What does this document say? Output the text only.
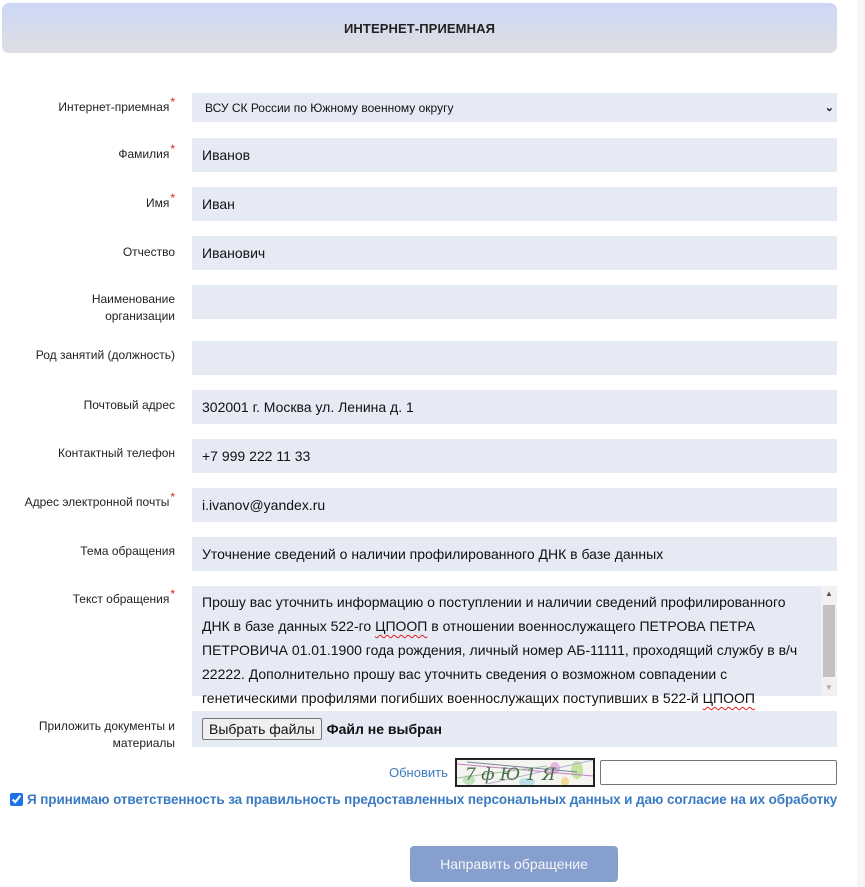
ИНТЕРНЕТ-ПРИЕМНАЯ
Интернет-приемная*	ВСУ СК России по Южному военному округу	⌄
Фамилия*
Иванов
Имя*
Иван
Отчество
Иванович
Наименование
организации
Род занятий (должность)
Почтовый адрес
302001 г. Москва ул. Ленина д. 1
Контактный телефон
+7 999 222 11 33
Адрес электронной почты*
i.ivanov@yandex.ru
Тема обращения
Уточнение сведений о наличии профилированного ДНК в базе данных
Текст обращения* Прошу вас уточнить информацию о поступлении и наличии сведений профилированного ДНК в базе данных 522-го ЦПООП в отношении военнослужащего ПЕТРОВА ПЕТРА ПЕТРОВИЧА 01.01.1900 года рождения, личный номер АБ-11111, проходящий службу в в/ч 22222. Дополнительно прошу вас уточнить сведения о возможном совпадении с генетическими профилями погибших военнослужащих поступивших в 522-й ЦПООП
▲
▼
Приложить документы и
материалы
Выбрать файлы Файл не выбран
Обновить 7 ф Ю 1 Я
Я принимаю ответственность за правильность предоставленных персональных данных и даю согласие на их обработку
Направить обращение
